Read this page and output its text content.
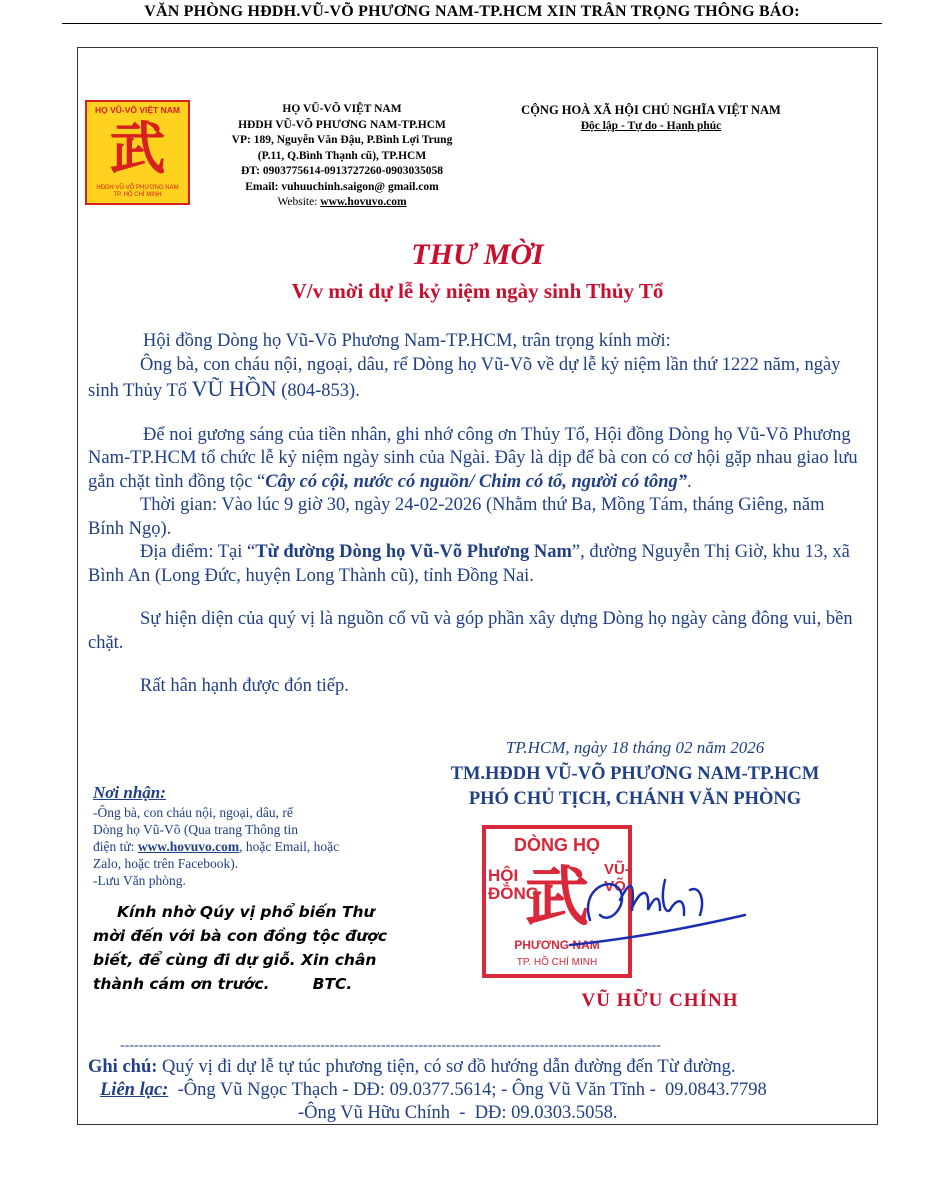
VĂN PHÒNG HĐDH.VŨ-VÕ PHƯƠNG NAM-TP.HCM XIN TRÂN TRỌNG THÔNG BÁO:
HỌ VŨ-VÕ VIỆT NAM
武
HĐDH VŨ-VÕ PHƯƠNG NAM
TP. HỒ CHÍ MINH
HỌ VŨ-VÕ VIỆT NAM
HĐDH VŨ-VÕ PHƯƠNG NAM-TP.HCM
VP: 189, Nguyễn Văn Đậu, P.Bình Lợi Trung
(P.11, Q.Bình Thạnh cũ), TP.HCM
ĐT: 0903775614-0913727260-0903035058
Email: vuhuuchinh.saigon@ gmail.com
Website: www.hovuvo.com
CỘNG HOÀ XÃ HỘI CHỦ NGHĨA VIỆT NAM
Độc lập - Tự do - Hạnh phúc
THƯ MỜI
V/v mời dự lễ kỷ niệm ngày sinh Thủy Tổ

Hội đồng Dòng họ Vũ-Võ Phương Nam-TP.HCM, trân trọng kính mời:

Ông bà, con cháu nội, ngoại, dâu, rể Dòng họ Vũ-Võ về dự lễ kỷ niệm lần thứ 1222 năm, ngày sinh Thủy Tổ VŨ HỒN (804-853).

Để noi gương sáng của tiền nhân, ghi nhớ công ơn Thủy Tổ, Hội đồng Dòng họ Vũ-Võ Phương Nam-TP.HCM tổ chức lễ kỷ niệm ngày sinh của Ngài. Đây là dịp để bà con có cơ hội gặp nhau giao lưu gắn chặt tình đồng tộc “Cây có cội, nước có nguồn/ Chim có tổ, người có tông”.

Thời gian: Vào lúc 9 giờ 30, ngày 24-02-2026 (Nhằm thứ Ba, Mồng Tám, tháng Giêng, năm Bính Ngọ).

Địa điểm: Tại “Từ đường Dòng họ Vũ-Võ Phương Nam”, đường Nguyễn Thị Giờ, khu 13, xã Bình An (Long Đức, huyện Long Thành cũ), tỉnh Đồng Nai.

Sự hiện diện của quý vị là nguồn cổ vũ và góp phần xây dựng Dòng họ ngày càng đông vui, bền chặt.

Rất hân hạnh được đón tiếp.

TP.HCM, ngày 18 tháng 02 năm 2026
TM.HĐDH VŨ-VÕ PHƯƠNG NAM-TP.HCM
PHÓ CHỦ TỊCH, CHÁNH VĂN PHÒNG
Nơi nhận:
-Ông bà, con cháu nội, ngoại, dâu, rể
Dòng họ Vũ-Võ (Qua trang Thông tin
điện tử: www.hovuvo.com, hoặc Email, hoặc
Zalo, hoặc trên Facebook).
-Lưu Văn phòng.
Kính nhờ Qúy vị phổ biến Thư
mời đến với bà con đồng tộc được
biết, để cùng đi dự giỗ. Xin chân
thành cám ơn trước.        BTC.
DÒNG HỌ
HỘI ĐỒNG
VŨ-VÕ
武
PHƯƠNG NAM
TP. HỒ CHÍ MINH
VŨ HỮU CHÍNH
--------------------------------------------------------------------------------------------------------------------

Ghi chú: Quý vị đi dự lễ tự túc phương tiện, có sơ đồ hướng dẫn đường đến Từ đường.

Liên lạc:  -Ông Vũ Ngọc Thạch - DĐ: 09.0377.5614; - Ông Vũ Văn Tĩnh -  09.0843.7798

-Ông Vũ Hữu Chính  -  DĐ: 09.0303.5058.
